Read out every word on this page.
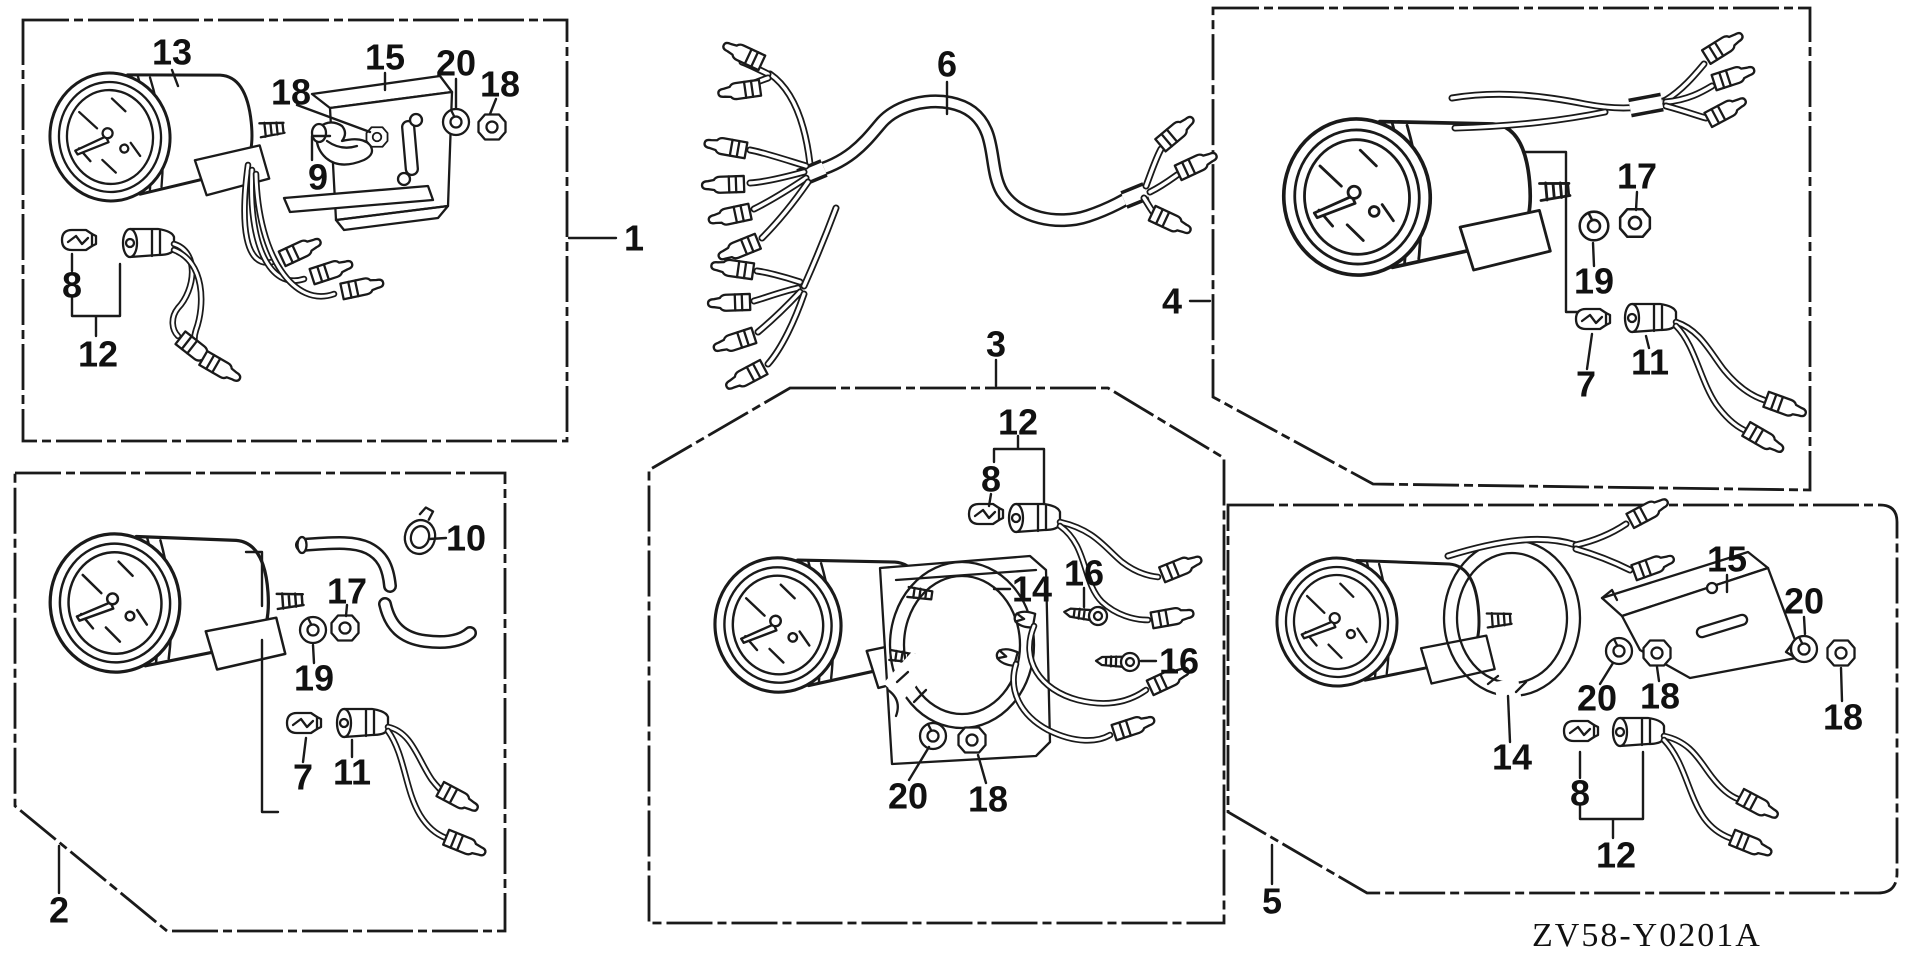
13	15 20
18	18
9
8
12
1
6
4
17
19
7
11
3
12
8
14 16
16
20 18
2
10
17
19
7 11
5
15
20
18
20 18
14
8
12
ZV58-Y0201A
